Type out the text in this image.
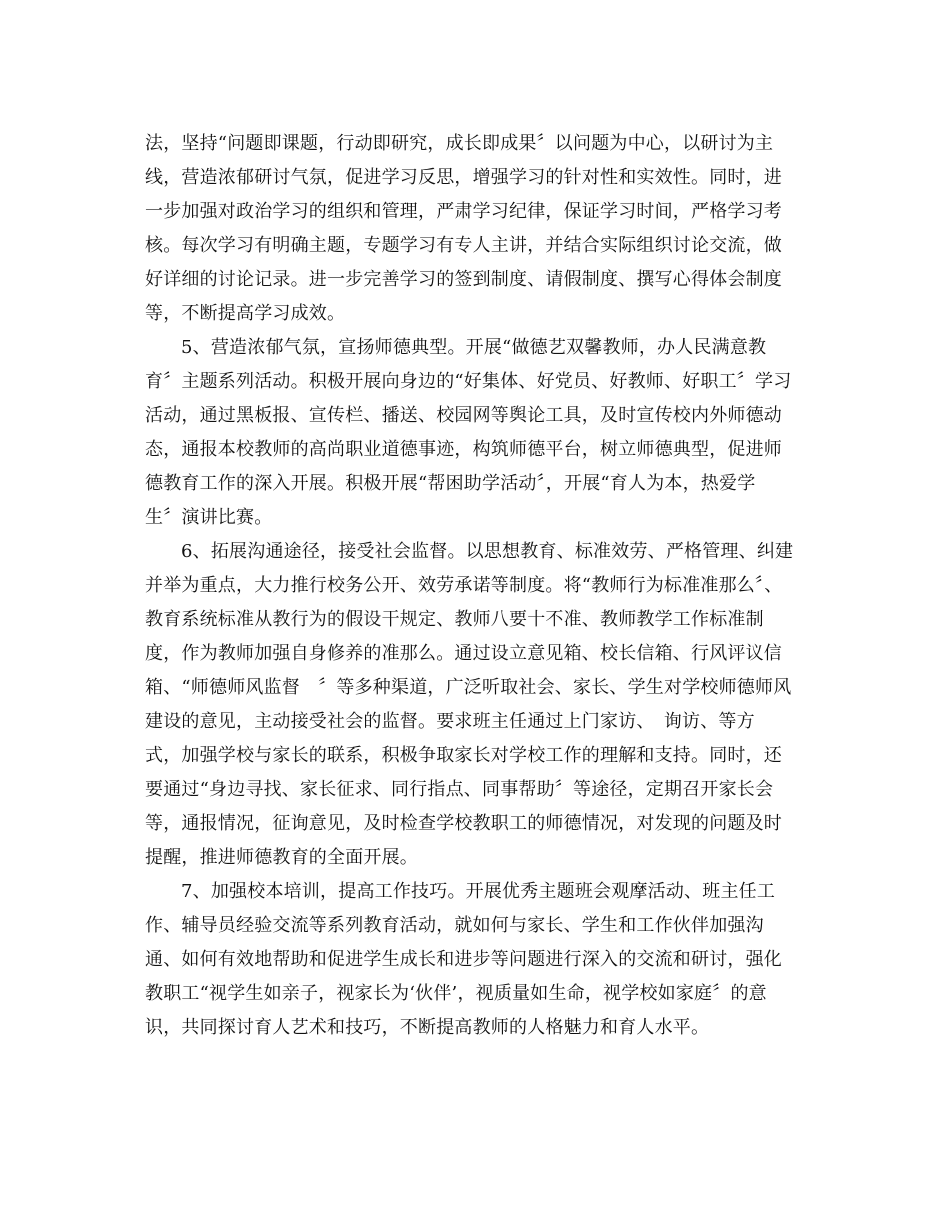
法，坚持“问题即课题，行动即研究，成长即成果〞以问题为中心，以研讨为主
线，营造浓郁研讨气氛，促进学习反思，增强学习的针对性和实效性。同时，进
一步加强对政治学习的组织和管理，严肃学习纪律，保证学习时间，严格学习考
核。每次学习有明确主题，专题学习有专人主讲，并结合实际组织讨论交流，做
好详细的讨论记录。进一步完善学习的签到制度、请假制度、撰写心得体会制度
等，不断提高学习成效。
5、营造浓郁气氛，宣扬师德典型。开展“做德艺双馨教师，办人民满意教
育〞主题系列活动。积极开展向身边的“好集体、好党员、好教师、好职工〞学习
活动，通过黑板报、宣传栏、播送、校园网等舆论工具，及时宣传校内外师德动
态，通报本校教师的高尚职业道德事迹，构筑师德平台，树立师德典型，促进师
德教育工作的深入开展。积极开展“帮困助学活动〞，开展“育人为本，热爱学
生〞演讲比赛。
6、拓展沟通途径，接受社会监督。以思想教育、标准效劳、严格管理、纠建
并举为重点，大力推行校务公开、效劳承诺等制度。将“教师行为标准准那么〞、
教育系统标准从教行为的假设干规定、教师八要十不准、教师教学工作标准制
度，作为教师加强自身修养的准那么。通过设立意见箱、校长信箱、行风评议信
箱、“师德师风监督　〞等多种渠道，广泛听取社会、家长、学生对学校师德师风
建设的意见，主动接受社会的监督。要求班主任通过上门家访、　询访、等方
式，加强学校与家长的联系，积极争取家长对学校工作的理解和支持。同时，还
要通过“身边寻找、家长征求、同行指点、同事帮助〞等途径，定期召开家长会
等，通报情况，征询意见，及时检查学校教职工的师德情况，对发现的问题及时
提醒，推进师德教育的全面开展。
7、加强校本培训，提高工作技巧。开展优秀主题班会观摩活动、班主任工
作、辅导员经验交流等系列教育活动，就如何与家长、学生和工作伙伴加强沟
通、如何有效地帮助和促进学生成长和进步等问题进行深入的交流和研讨，强化
教职工“视学生如亲子，视家长为‘伙伴’，视质量如生命，视学校如家庭〞的意
识，共同探讨育人艺术和技巧，不断提高教师的人格魅力和育人水平。
